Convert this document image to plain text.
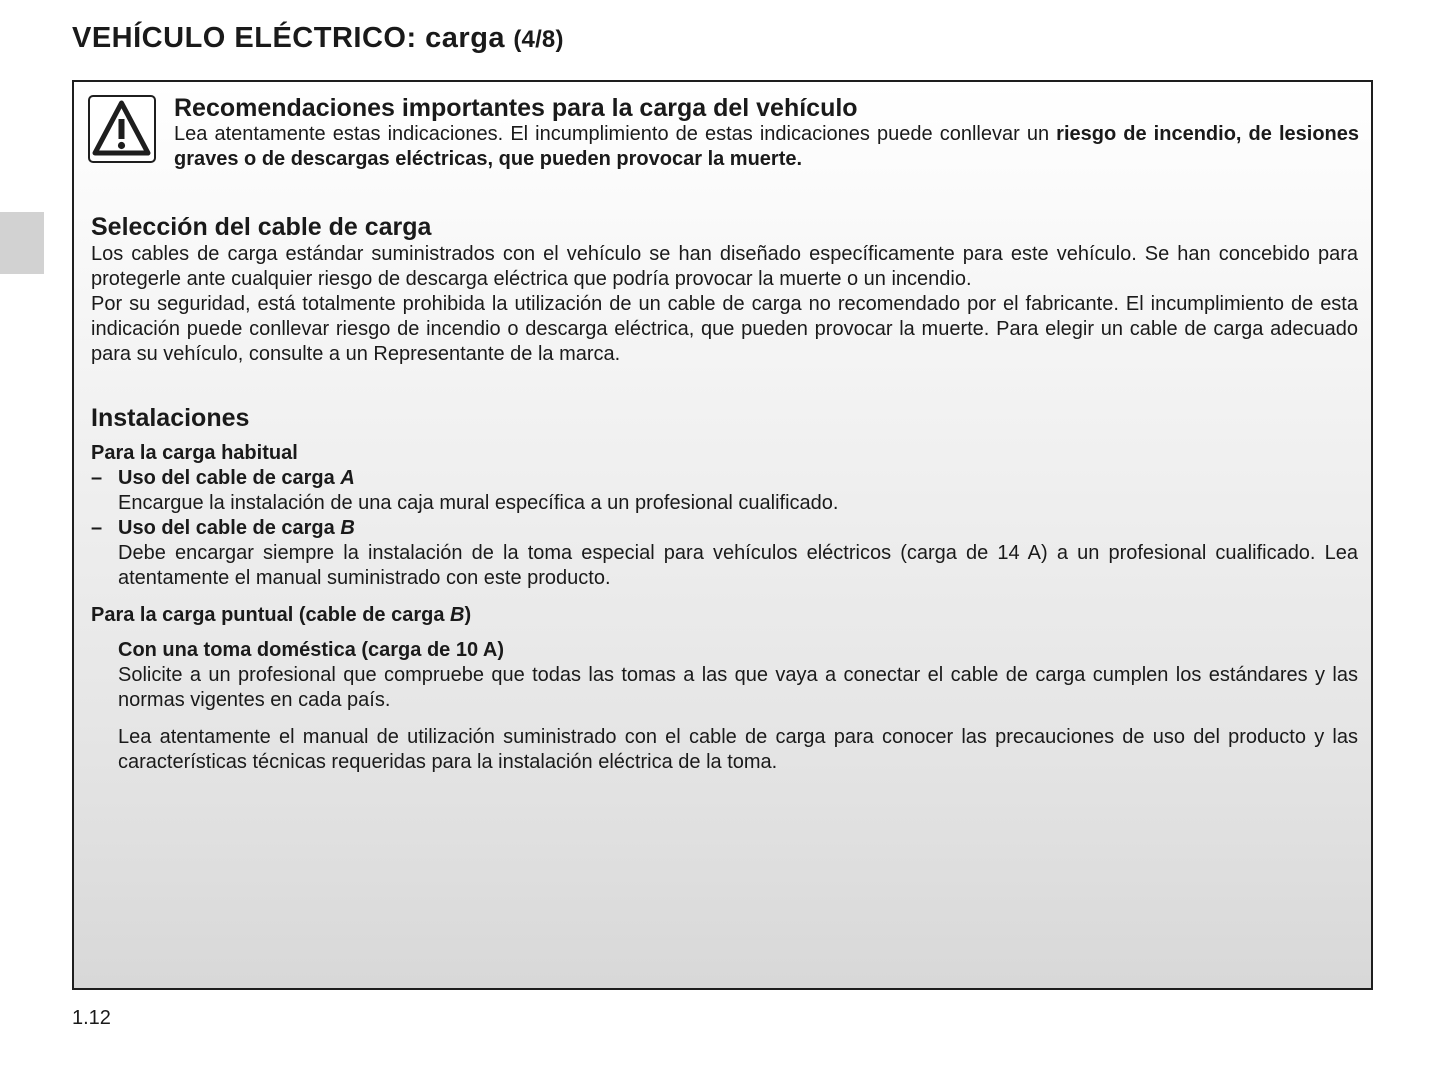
VEHÍCULO ELÉCTRICO: carga (4/8)
Recomendaciones importantes para la carga del vehículo

Lea atentamente estas indicaciones. El incumplimiento de estas indicaciones puede conllevar un riesgo de incendio, de lesiones graves o de descargas eléctricas, que pueden provocar la muerte.

Selección del cable de carga

Los cables de carga estándar suministrados con el vehículo se han diseñado específicamente para este vehículo. Se han concebido para protegerle ante cualquier riesgo de descarga eléctrica que podría provocar la muerte o un incendio.

Por su seguridad, está totalmente prohibida la utilización de un cable de carga no recomendado por el fabricante. El incumplimiento de esta indicación puede conllevar riesgo de incendio o descarga eléctrica, que pueden provocar la muerte. Para elegir un cable de carga adecuado para su vehículo, consulte a un Representante de la marca.

Instalaciones

Para la carga habitual

– Uso del cable de carga A
Encargue la instalación de una caja mural específica a un profesional cualificado.
– Uso del cable de carga B
Debe encargar siempre la instalación de la toma especial para vehículos eléctricos (carga de 14 A) a un profesional cualificado. Lea atentamente el manual suministrado con este producto.

Para la carga puntual (cable de carga B)

Con una toma doméstica (carga de 10 A)

Solicite a un profesional que compruebe que todas las tomas a las que vaya a conectar el cable de carga cumplen los estándares y las normas vigentes en cada país.

Lea atentamente el manual de utilización suministrado con el cable de carga para conocer las precauciones de uso del producto y las características técnicas requeridas para la instalación eléctrica de la toma.

1.12
